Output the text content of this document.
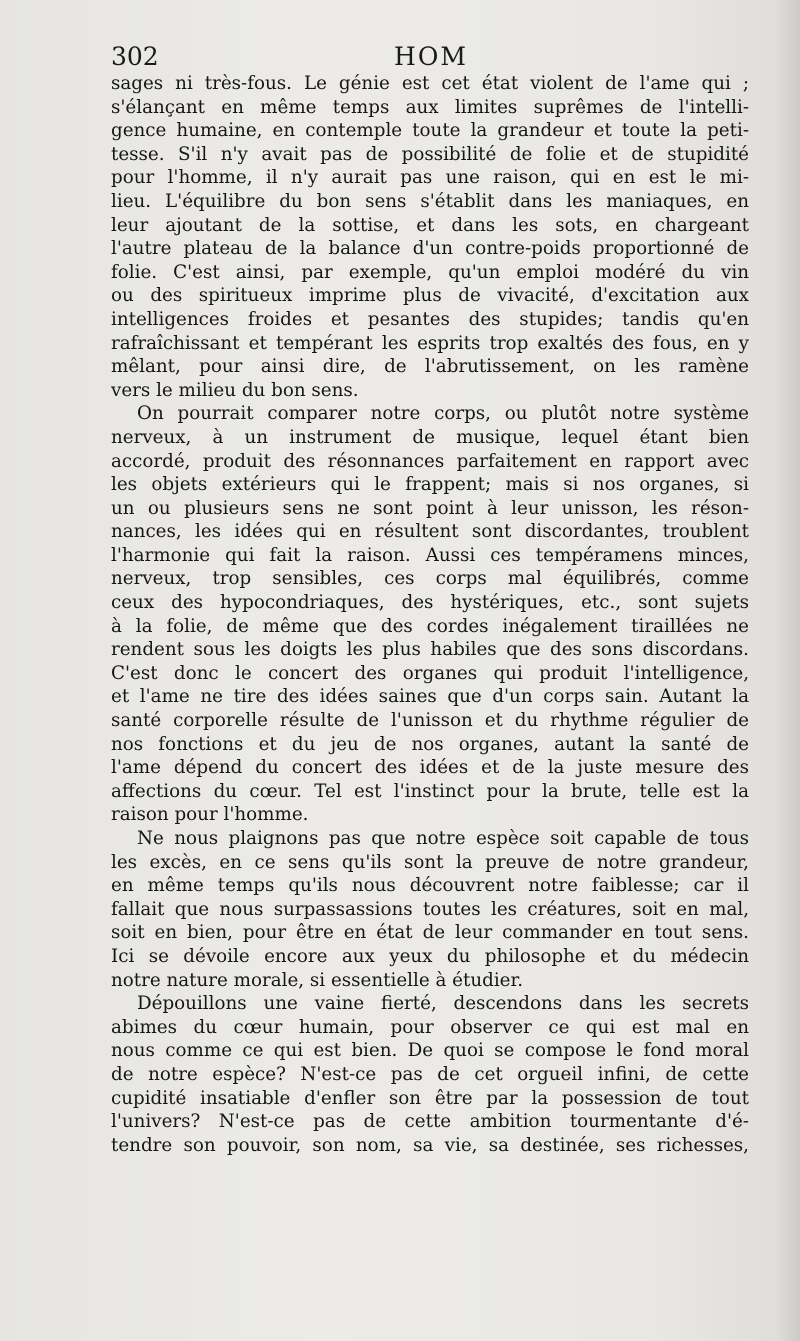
302	HOM
sages ni très-fous. Le génie est cet état violent de l'ame qui ;
s'élançant en même temps aux limites suprêmes de l'intelli-
gence humaine, en contemple toute la grandeur et toute la peti-
tesse. S'il n'y avait pas de possibilité de folie et de stupidité
pour l'homme, il n'y aurait pas une raison, qui en est le mi-
lieu. L'équilibre du bon sens s'établit dans les maniaques, en
leur ajoutant de la sottise, et dans les sots, en chargeant
l'autre plateau de la balance d'un contre-poids proportionné de
folie. C'est ainsi, par exemple, qu'un emploi modéré du vin
ou des spiritueux imprime plus de vivacité, d'excitation aux
intelligences froides et pesantes des stupides; tandis qu'en
rafraîchissant et tempérant les esprits trop exaltés des fous, en y
mêlant, pour ainsi dire, de l'abrutissement, on les ramène
vers le milieu du bon sens.
On pourrait comparer notre corps, ou plutôt notre système
nerveux, à un instrument de musique, lequel étant bien
accordé, produit des résonnances parfaitement en rapport avec
les objets extérieurs qui le frappent; mais si nos organes, si
un ou plusieurs sens ne sont point à leur unisson, les réson-
nances, les idées qui en résultent sont discordantes, troublent
l'harmonie qui fait la raison. Aussi ces tempéramens minces,
nerveux, trop sensibles, ces corps mal équilibrés, comme
ceux des hypocondriaques, des hystériques, etc., sont sujets
à la folie, de même que des cordes inégalement tiraillées ne
rendent sous les doigts les plus habiles que des sons discordans.
C'est donc le concert des organes qui produit l'intelligence,
et l'ame ne tire des idées saines que d'un corps sain. Autant la
santé corporelle résulte de l'unisson et du rhythme régulier de
nos fonctions et du jeu de nos organes, autant la santé de
l'ame dépend du concert des idées et de la juste mesure des
affections du cœur. Tel est l'instinct pour la brute, telle est la
raison pour l'homme.
Ne nous plaignons pas que notre espèce soit capable de tous
les excès, en ce sens qu'ils sont la preuve de notre grandeur,
en même temps qu'ils nous découvrent notre faiblesse; car il
fallait que nous surpassassions toutes les créatures, soit en mal,
soit en bien, pour être en état de leur commander en tout sens.
Ici se dévoile encore aux yeux du philosophe et du médecin
notre nature morale, si essentielle à étudier.
Dépouillons une vaine fierté, descendons dans les secrets
abimes du cœur humain, pour observer ce qui est mal en
nous comme ce qui est bien. De quoi se compose le fond moral
de notre espèce? N'est-ce pas de cet orgueil infini, de cette
cupidité insatiable d'enfler son être par la possession de tout
l'univers? N'est-ce pas de cette ambition tourmentante d'é-
tendre son pouvoir, son nom, sa vie, sa destinée, ses richesses,
